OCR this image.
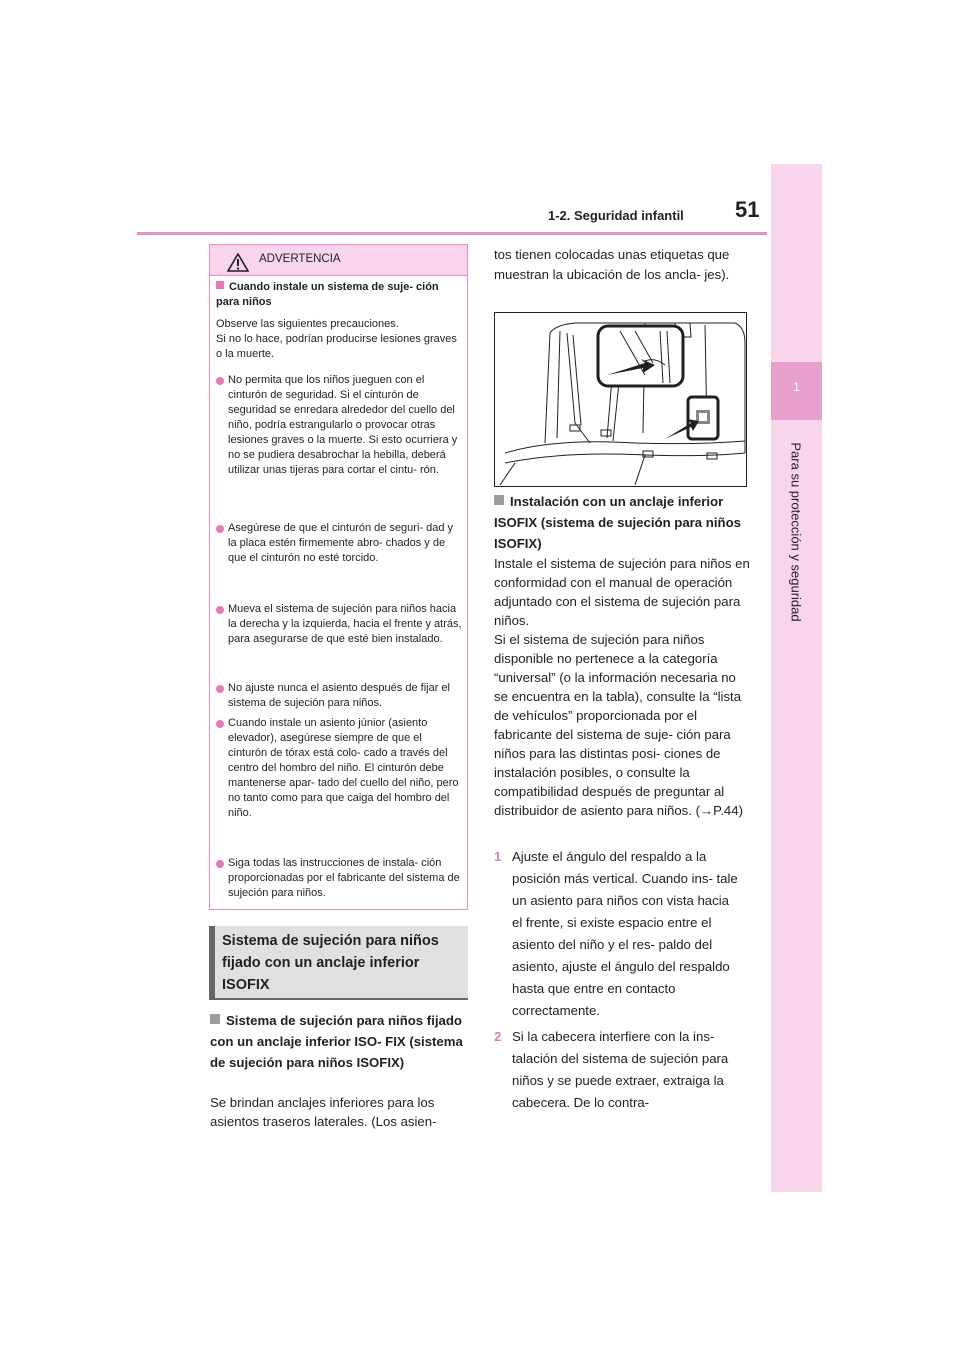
1-2. Seguridad infantil 51
1
Para su protección y seguridad
ADVERTENCIA
Cuando instale un sistema de suje- ción para niños
Observe las siguientes precauciones.
Si no lo hace, podrían producirse lesiones graves o la muerte.
No permita que los niños jueguen con el cinturón de seguridad. Si el cinturón de seguridad se enredara alrededor del cuello del niño, podría estrangularlo o provocar otras lesiones graves o la muerte. Si esto ocurriera y no se pudiera desabrochar la hebilla, deberá utilizar unas tijeras para cortar el cintu- rón.
Asegúrese de que el cinturón de seguri- dad y la placa estén firmemente abro- chados y de que el cinturón no esté torcido.
Mueva el sistema de sujeción para niños hacia la derecha y la izquierda, hacia el frente y atrás, para asegurarse de que esté bien instalado.
No ajuste nunca el asiento después de fijar el sistema de sujeción para niños.
Cuando instale un asiento júnior (asiento elevador), asegúrese siempre de que el cinturón de tórax está colo- cado a través del centro del hombro del niño. El cinturón debe mantenerse apar- tado del cuello del niño, pero no tanto como para que caiga del hombro del niño.
Siga todas las instrucciones de instala- ción proporcionadas por el fabricante del sistema de sujeción para niños.
Sistema de sujeción para niños fijado con un anclaje inferior ISOFIX
Sistema de sujeción para niños fijado con un anclaje inferior ISO- FIX (sistema de sujeción para niños ISOFIX)
Se brindan anclajes inferiores para los asientos traseros laterales. (Los asien-
tos tienen colocadas unas etiquetas que muestran la ubicación de los ancla- jes).
Instalación con un anclaje inferior ISOFIX (sistema de sujeción para niños ISOFIX)
Instale el sistema de sujeción para niños en conformidad con el manual de operación adjuntado con el sistema de sujeción para niños.
Si el sistema de sujeción para niños disponible no pertenece a la categoría “universal” (o la información necesaria no se encuentra en la tabla), consulte la “lista de vehículos” proporcionada por el fabricante del sistema de suje- ción para niños para las distintas posi- ciones de instalación posibles, o consulte la compatibilidad después de preguntar al distribuidor de asiento para niños. (→P.44)
1 Ajuste el ángulo del respaldo a la posición más vertical. Cuando ins- tale un asiento para niños con vista hacia el frente, si existe espacio entre el asiento del niño y el res- paldo del asiento, ajuste el ángulo del respaldo hasta que entre en contacto correctamente.
2 Si la cabecera interfiere con la ins- talación del sistema de sujeción para niños y se puede extraer, extraiga la cabecera. De lo contra-
